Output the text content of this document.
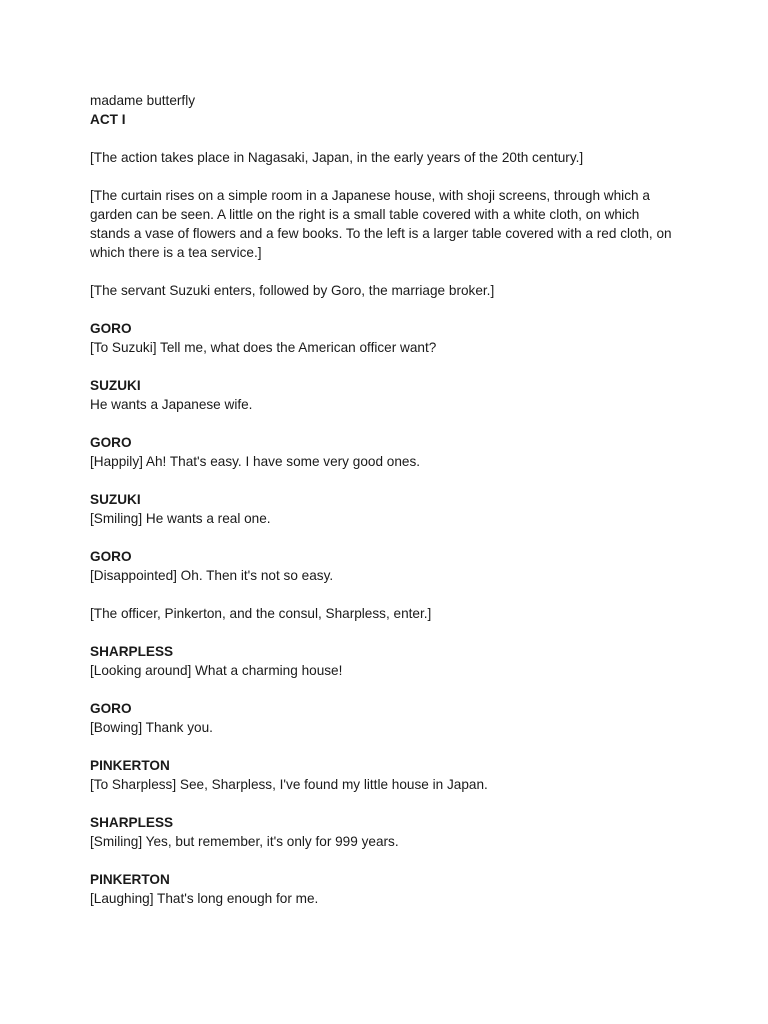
madame butterfly

ACT I

[The action takes place in Nagasaki, Japan, in the early years of the 20th century.]

[The curtain rises on a simple room in a Japanese house, with shoji screens, through which a garden can be seen. A little on the right is a small table covered with a white cloth, on which stands a vase of flowers and a few books. To the left is a larger table covered with a red cloth, on which there is a tea service.]

[The servant Suzuki enters, followed by Goro, the marriage broker.]

GORO

[To Suzuki] Tell me, what does the American officer want?

SUZUKI

He wants a Japanese wife.

GORO

[Happily] Ah! That's easy. I have some very good ones.

SUZUKI

[Smiling] He wants a real one.

GORO

[Disappointed] Oh. Then it's not so easy.

[The officer, Pinkerton, and the consul, Sharpless, enter.]

SHARPLESS

[Looking around] What a charming house!

GORO

[Bowing] Thank you.

PINKERTON

[To Sharpless] See, Sharpless, I've found my little house in Japan.

SHARPLESS

[Smiling] Yes, but remember, it's only for 999 years.

PINKERTON

[Laughing] That's long enough for me.
